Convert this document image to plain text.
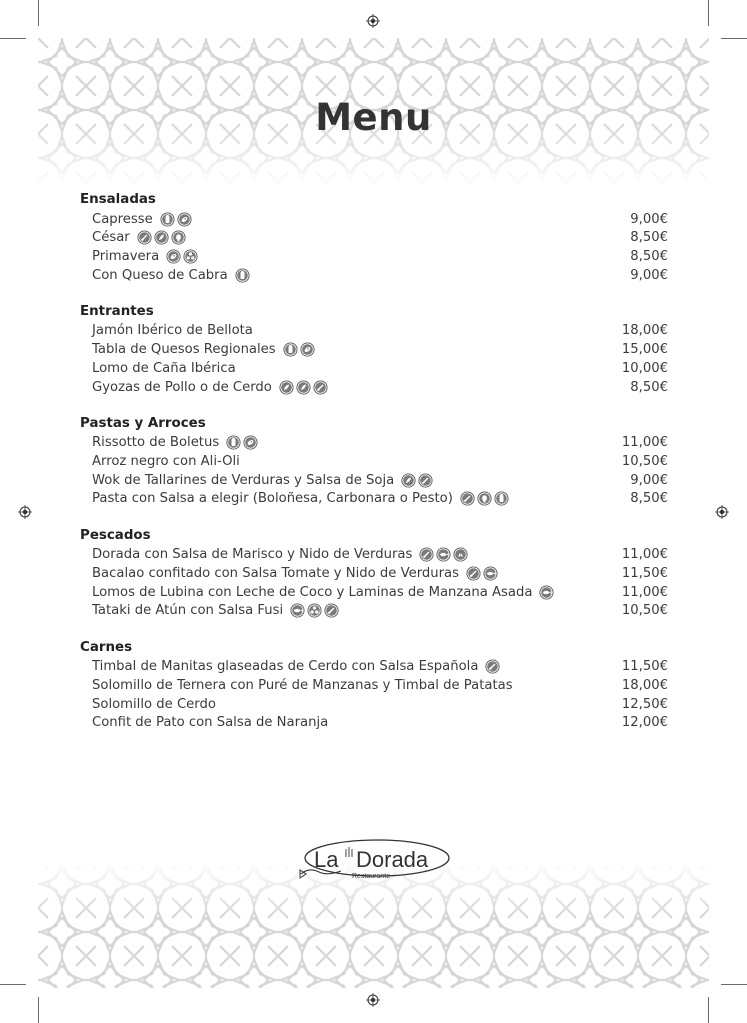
Menu
Ensaladas
Capresse	9,00€
César	8,50€
Primavera	8,50€
Con Queso de Cabra	9,00€
Entrantes
Jamón Ibérico de Bellota	18,00€
Tabla de Quesos Regionales	15,00€
Lomo de Caña Ibérica	10,00€
Gyozas de Pollo o de Cerdo	8,50€
Pastas y Arroces
Rissotto de Boletus	11,00€
Arroz negro con Ali-Oli	10,50€
Wok de Tallarines de Verduras y Salsa de Soja	9,00€
Pasta con Salsa a elegir (Boloñesa, Carbonara o Pesto)	8,50€
Pescados
Dorada con Salsa de Marisco y Nido de Verduras	11,00€
Bacalao confitado con Salsa Tomate y Nido de Verduras	11,50€
Lomos de Lubina con Leche de Coco y Laminas de Manzana Asada	11,00€
Tataki de Atún con Salsa Fusi	10,50€
Carnes
Timbal de Manitas glaseadas de Cerdo con Salsa Española	11,50€
Solomillo de Ternera con Puré de Manzanas y Timbal de Patatas	18,00€
Solomillo de Cerdo	12,50€
Confit de Pato con Salsa de Naranja	12,00€
La Dorada
Restaurante
